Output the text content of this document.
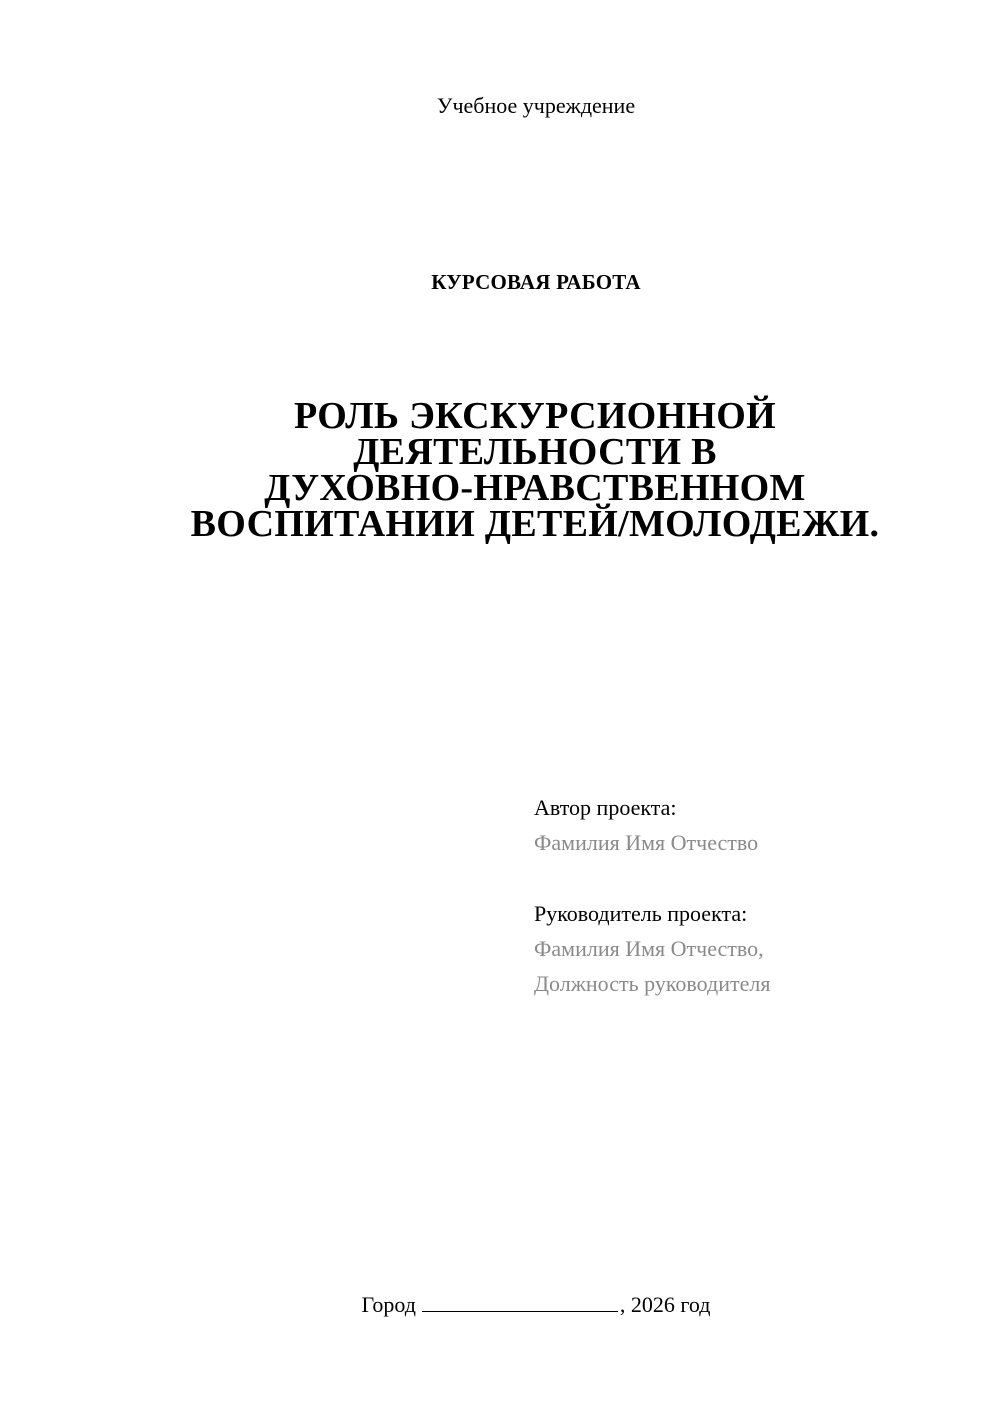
Учебное учреждение
КУРСОВАЯ РАБОТА
РОЛЬ ЭКСКУРСИОННОЙ
ДЕЯТЕЛЬНОСТИ В
ДУХОВНО-НРАВСТВЕННОМ
ВОСПИТАНИИ ДЕТЕЙ/МОЛОДЕЖИ.
Автор проекта:
Фамилия Имя Отчество
Руководитель проекта:
Фамилия Имя Отчество,
Должность руководителя
Город	, 2026 год
